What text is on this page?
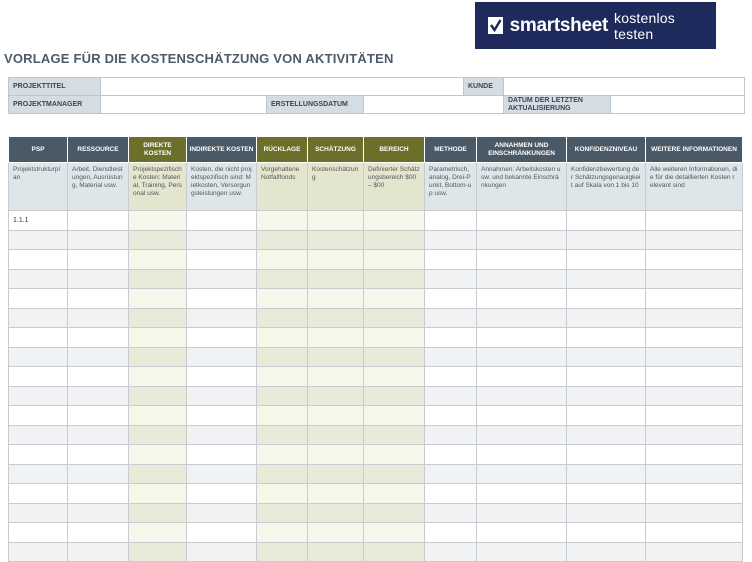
smartsheet kostenlos testen
VORLAGE FÜR DIE KOSTENSCHÄTZUNG VON AKTIVITÄTEN
PROJEKTTITEL				KUNDE		
PROJEKTMANAGER		ERSTELLUNGSDATUM			DATUM DER LETZTEN AKTUALISIERUNG	
PSP	RESSOURCE	DIREKTE KOSTEN	INDIREKTE KOSTEN	RÜCKLAGE	SCHÄTZUNG	BEREICH	METHODE	ANNAHMEN UND EINSCHRÄNKUNGEN	KONFIDENZNIVEAU	WEITERE INFORMATIONEN
Projektstrukturplan	Arbeit, Dienstleistungen, Ausrüstung, Material usw.	Projektspezifische Kosten: Material, Training, Personal usw.	Kosten, die nicht projektspezifisch sind: Mietkosten, Versorgungsleistungen usw.	Vorgehaltene Notfallfonds	Kostenschätzung	Definierter Schätzungsbereich $00 – $00	Parametrisch, analog, Drei-Punkt, Bottom-up usw.	Annahmen: Arbeitskosten usw. und bekannte Einschränkungen	Konfidenzbewertung der Schätzungsgenauigkeit auf Skala von 1 bis 10	Alle weiteren Informationen, die für die detaillierten Kosten relevant sind
1.1.1										
